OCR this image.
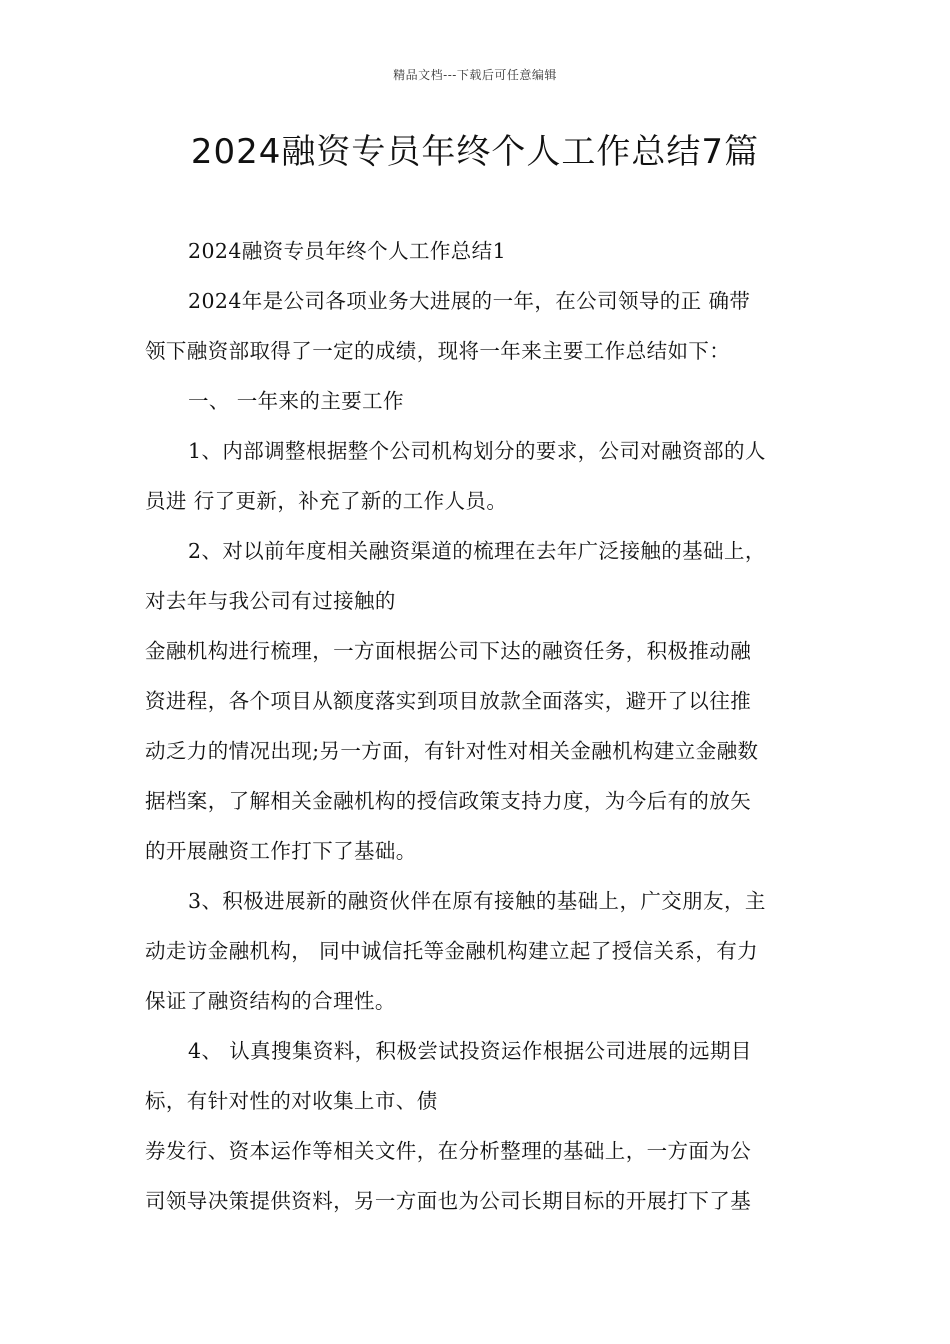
精品文档---下载后可任意编辑
2024融资专员年终个人工作总结7篇
2024融资专员年终个人工作总结1
2024年是公司各项业务大进展的一年，在公司领导的正 确带
领下融资部取得了一定的成绩，现将一年来主要工作总结如下：
一、 一年来的主要工作
1、内部调整根据整个公司机构划分的要求，公司对融资部的人
员进 行了更新，补充了新的工作人员。
2、对以前年度相关融资渠道的梳理在去年广泛接触的基础上，
对去年与我公司有过接触的
金融机构进行梳理，一方面根据公司下达的融资任务，积极推动融
资进程，各个项目从额度落实到项目放款全面落实，避开了以往推
动乏力的情况出现;另一方面，有针对性对相关金融机构建立金融数
据档案，了解相关金融机构的授信政策支持力度，为今后有的放矢
的开展融资工作打下了基础。
3、积极进展新的融资伙伴在原有接触的基础上，广交朋友，主
动走访金融机构， 同中诚信托等金融机构建立起了授信关系，有力
保证了融资结构的合理性。
4、 认真搜集资料，积极尝试投资运作根据公司进展的远期目
标，有针对性的对收集上市、债
券发行、资本运作等相关文件，在分析整理的基础上，一方面为公
司领导决策提供资料，另一方面也为公司长期目标的开展打下了基
